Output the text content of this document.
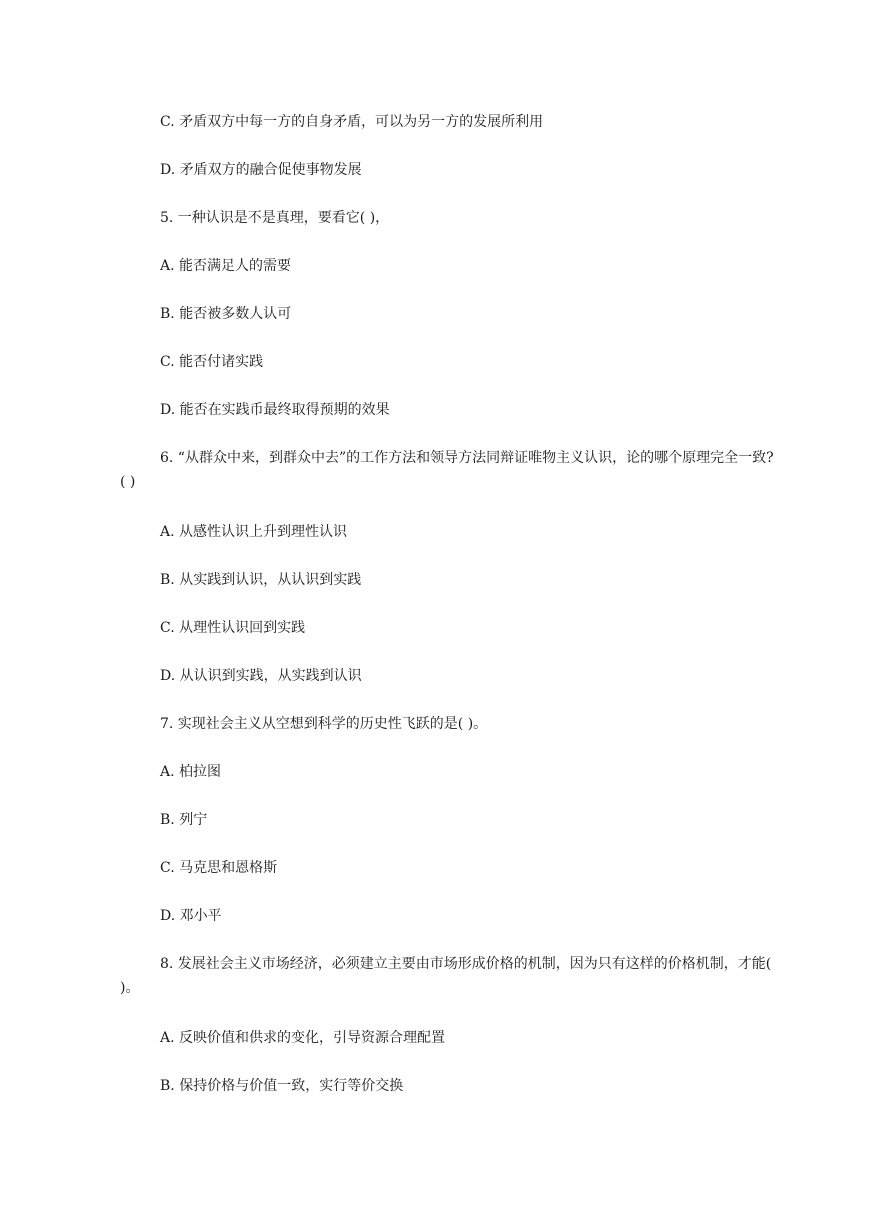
C. 矛盾双方中每一方的自身矛盾，可以为另一方的发展所利用
D. 矛盾双方的融合促使事物发展
5. 一种认识是不是真理，要看它( )，
A. 能否满足人的需要
B. 能否被多数人认可
C. 能否付诸实践
D. 能否在实践币最终取得预期的效果
6. “从群众中来，到群众中去”的工作方法和领导方法同辩证唯物主义认识，论的哪个原理完全一致?( )
A. 从感性认识上升到理性认识
B. 从实践到认识，从认识到实践
C. 从理性认识回到实践
D. 从认识到实践，从实践到认识
7. 实现社会主义从空想到科学的历史性飞跃的是( )。
A. 柏拉图
B. 列宁
C. 马克思和恩格斯
D. 邓小平
8. 发展社会主义市场经济，必须建立主要由市场形成价格的机制，因为只有这样的价格机制，才能( )。
A. 反映价值和供求的变化，引导资源合理配置
B. 保持价格与价值一致，实行等价交换
